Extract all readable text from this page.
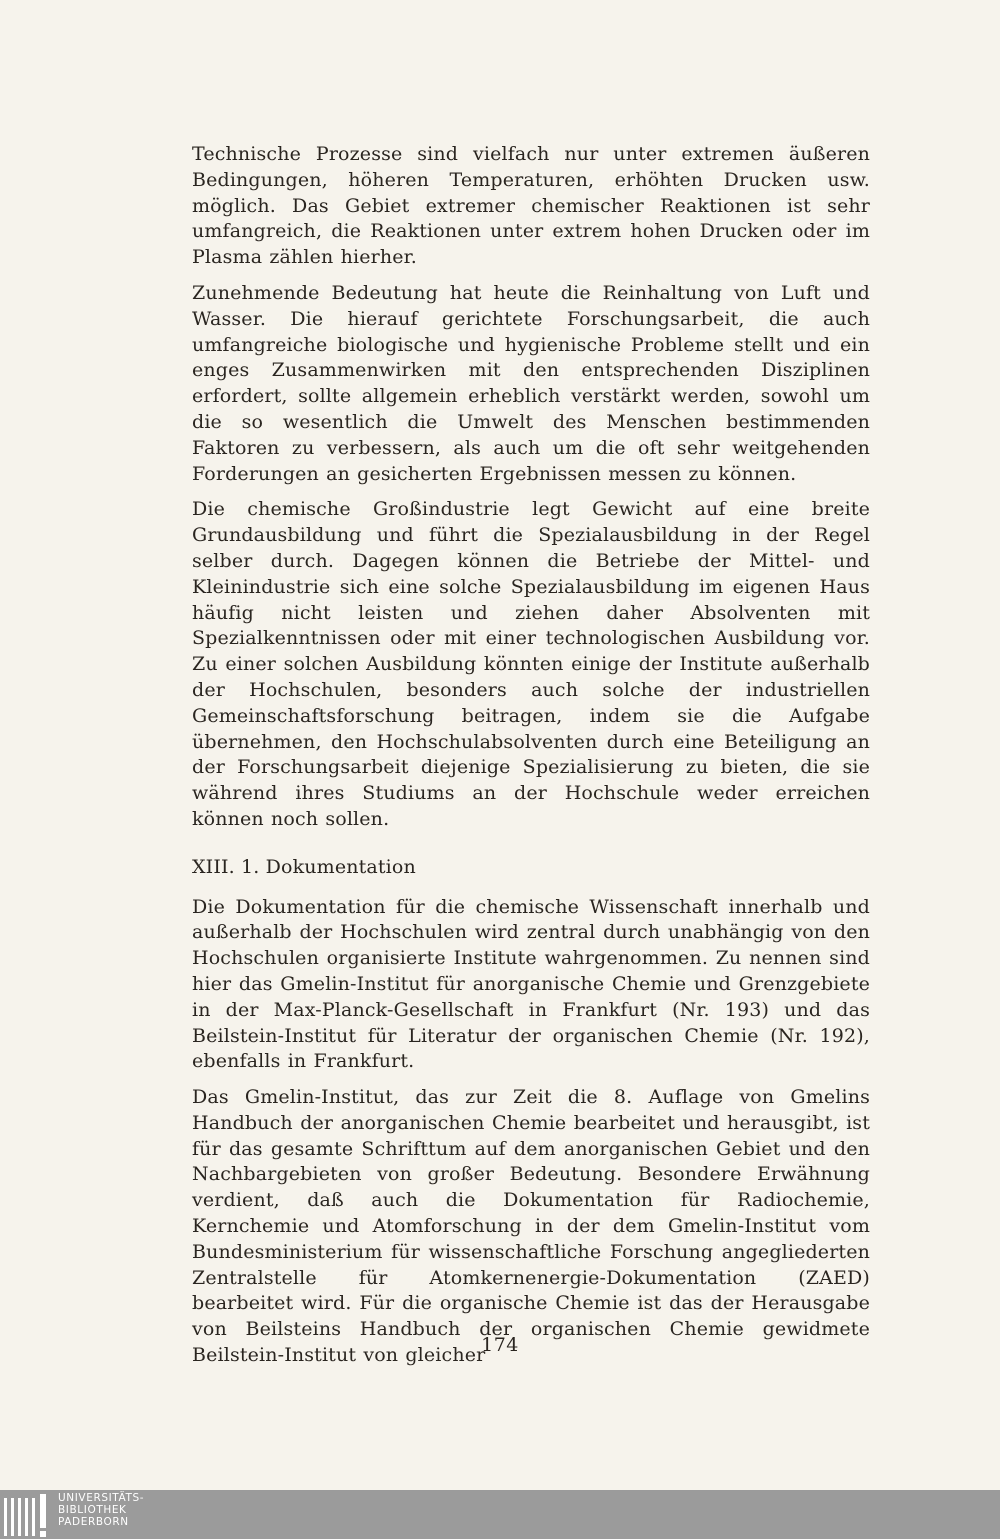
Technische Prozesse sind vielfach nur unter extremen äußeren Bedingungen, höheren Temperaturen, erhöhten Drucken usw. möglich. Das Gebiet extremer chemischer Reaktionen ist sehr umfangreich, die Reaktionen unter extrem hohen Drucken oder im Plasma zählen hierher.

Zunehmende Bedeutung hat heute die Reinhaltung von Luft und Wasser. Die hierauf gerichtete Forschungsarbeit, die auch umfangreiche biologische und hygienische Probleme stellt und ein enges Zusammenwirken mit den entsprechenden Disziplinen erfordert, sollte allgemein erheblich verstärkt werden, sowohl um die so wesentlich die Umwelt des Menschen bestimmenden Faktoren zu verbessern, als auch um die oft sehr weitgehenden Forderungen an gesicherten Ergebnissen messen zu können.

Die chemische Großindustrie legt Gewicht auf eine breite Grundausbildung und führt die Spezialausbildung in der Regel selber durch. Dagegen können die Betriebe der Mittel- und Kleinindustrie sich eine solche Spezialausbildung im eigenen Haus häufig nicht leisten und ziehen daher Absolventen mit Spezialkenntnissen oder mit einer technologischen Ausbildung vor. Zu einer solchen Ausbildung könnten einige der Institute außerhalb der Hochschulen, besonders auch solche der industriellen Gemeinschaftsforschung beitragen, indem sie die Aufgabe übernehmen, den Hochschulabsolventen durch eine Beteiligung an der Forschungsarbeit diejenige Spezialisierung zu bieten, die sie während ihres Studiums an der Hochschule weder erreichen können noch sollen.

XIII. 1. Dokumentation

Die Dokumentation für die chemische Wissenschaft innerhalb und außerhalb der Hochschulen wird zentral durch unabhängig von den Hochschulen organisierte Institute wahrgenommen. Zu nennen sind hier das Gmelin-Institut für anorganische Chemie und Grenzgebiete in der Max-Planck-Gesellschaft in Frankfurt (Nr. 193) und das Beilstein-Institut für Literatur der organischen Chemie (Nr. 192), ebenfalls in Frankfurt.

Das Gmelin-Institut, das zur Zeit die 8. Auflage von Gmelins Handbuch der anorganischen Chemie bearbeitet und herausgibt, ist für das gesamte Schrifttum auf dem anorganischen Gebiet und den Nachbargebieten von großer Bedeutung. Besondere Erwähnung verdient, daß auch die Dokumentation für Radiochemie, Kernchemie und Atomforschung in der dem Gmelin-Institut vom Bundesministerium für wissenschaftliche Forschung angegliederten Zentralstelle für Atomkernenergie-Dokumentation (ZAED) bearbeitet wird. Für die organische Chemie ist das der Herausgabe von Beilsteins Handbuch der organischen Chemie gewidmete Beilstein-Institut von gleicher

174
UNIVERSITÄTS-
BIBLIOTHEK
PADERBORN
